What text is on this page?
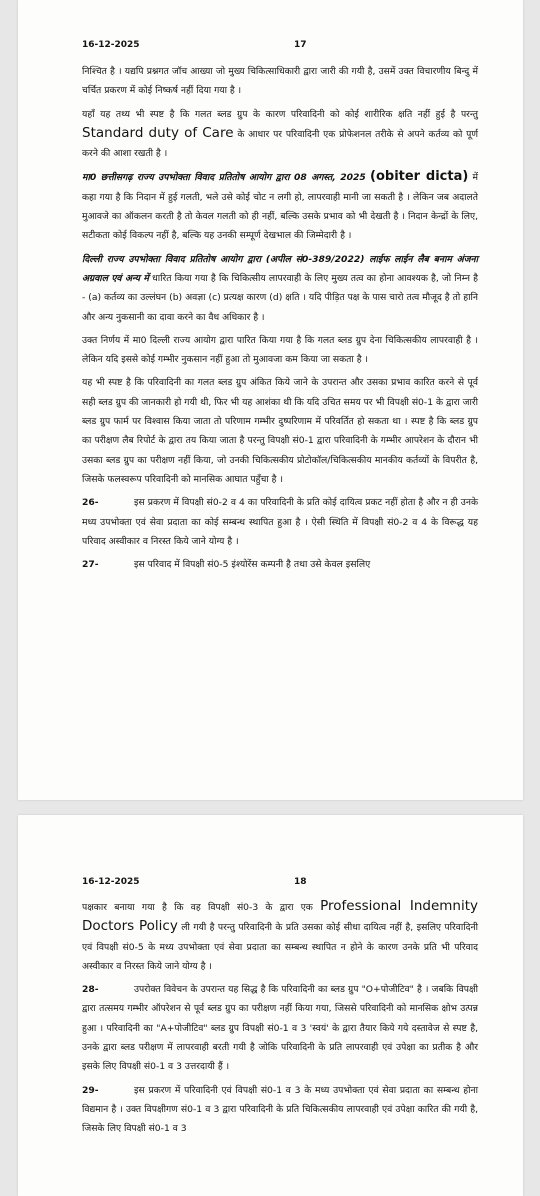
16-12-2025	17

निश्चित है । यद्यपि प्रश्नगत जॉच आख्या जो मुख्य चिकित्साधिकारी द्वारा जारी की गयी है, उसमें उक्त विचारणीय बिन्दु में चर्चित प्रकरण में कोई निष्कर्ष नहीं दिया गया है ।

यहाँ यह तथ्य भी स्पष्ट है कि गलत ब्लड ग्रुप के कारण परिवादिनी को कोई शारीरिक क्षति नहीं हुई है परन्तु Standard duty of Care के आधार पर परिवादिनी एक प्रोफेशनल तरीके से अपने कर्तव्य को पूर्ण करने की आशा रखती है ।

मा0 छत्तीसगढ़ राज्य उपभोक्ता विवाद प्रतितोष आयोग द्वारा 08 अगस्त, 2025 (obiter dicta) में कहा गया है कि निदान में हुई गलती, भले उसे कोई चोट न लगी हो, लापरवाही मानी जा सकती है । लेकिन जब अदालते मुआवजे का ऑकलन करती है तो केवल गलती को ही नहीं, बल्कि उसके प्रभाव को भी देखती है । निदान केन्द्रों के लिए, सटीकता कोई विकल्प नहीं है, बल्कि यह उनकी सम्पूर्ण देखभाल की जिम्मेदारी है ।

दिल्ली राज्य उपभोक्ता विवाद प्रतितोष आयोग द्वारा (अपील सं0-389/2022) लाईफ लाईन लैब बनाम अंजना अग्रवाल एवं अन्य में धारित किया गया है कि चिकित्सीय लापरवाही के लिए मुख्य तत्व का होना आवश्यक है, जो निम्न है - (a) कर्तव्य का उल्लंघन (b) अवज्ञा (c) प्रत्यक्ष कारण (d) क्षति । यदि पीड़ित पक्ष के पास चारो तत्व मौजूद है तो हानि और अन्य नुकसानी का दावा करने का वैध अधिकार है ।

उक्त निर्णय में मा0 दिल्ली राज्य आयोग द्वारा पारित किया गया है कि गलत ब्लड ग्रुप देना चिकित्सकीय लापरवाही है । लेकिन यदि इससे कोई गम्भीर नुकसान नहीं हुआ तो मुआवजा कम किया जा सकता है ।

यह भी स्पष्ट है कि परिवादिनी का गलत ब्लड ग्रुप अंकित किये जाने के उपरान्त और उसका प्रभाव कारित करने से पूर्व सही ब्लड ग्रुप की जानकारी हो गयी थी, फिर भी यह आशंका थी कि यदि उचित समय पर भी विपक्षी सं0-1 के द्वारा जारी ब्लड ग्रुप फार्म पर विश्वास किया जाता तो परिणाम गम्भीर दुष्परिणाम में परिवर्तित हो सकता था । स्पष्ट है कि ब्लड ग्रुप का परीक्षण लैब रिपोर्ट के द्वारा तय किया जाता है परन्तु विपक्षी सं0-1 द्वारा परिवादिनी के गम्भीर आपरेशन के दौरान भी उसका ब्लड ग्रुप का परीक्षण नहीं किया, जो उनकी चिकित्सकीय प्रोटोकॉल/चिकित्सकीय मानकीय कर्तव्यों के विपरीत है, जिसके फलस्वरूप परिवादिनी को मानसिक आघात पहुँचा है ।

26-	इस प्रकरण में विपक्षी सं0-2 व 4 का परिवादिनी के प्रति कोई दायित्व प्रकट नहीं होता है और न ही उनके मध्य उपभोक्ता एवं सेवा प्रदाता का कोई सम्बन्ध स्थापित हुआ है । ऐसी स्थिति में विपक्षी सं0-2 व 4 के विरूद्ध यह परिवाद अस्वीकार व निरस्त किये जाने योग्य है ।

27-	इस परिवाद में विपक्षी सं0-5 इंश्योरेंस कम्पनी है तथा उसे केवल इसलिए

16-12-2025	18

पक्षकार बनाया गया है कि वह विपक्षी सं0-3 के द्वारा एक Professional Indemnity Doctors Policy ली गयी है परन्तु परिवादिनी के प्रति उसका कोई सीधा दायित्व नहीं है, इसलिए परिवादिनी एवं विपक्षी सं0-5 के मध्य उपभोक्ता एवं सेवा प्रदाता का सम्बन्ध स्थापित न होने के कारण उनके प्रति भी परिवाद अस्वीकार व निरस्त किये जाने योग्य है ।

28-	उपरोक्त विवेचन के उपरान्त यह सिद्ध है कि परिवादिनी का ब्लड ग्रुप "O+पोजीटिव" है । जबकि विपक्षी द्वारा तत्समय गम्भीर ऑपरेशन से पूर्व ब्लड ग्रुप का परीक्षण नहीं किया गया, जिससे परिवादिनी को मानसिक क्षोभ उत्पन्न हुआ । परिवादिनी का "A+पोजीटिव" ब्लड ग्रुप विपक्षी सं0-1 व 3 'स्वयं' के द्वारा तैयार किये गये दस्तावेज से स्पष्ट है, उनके द्वारा ब्लड परीक्षण में लापरवाही बरती गयी है जोकि परिवादिनी के प्रति लापरवाही एवं उपेक्षा का प्रतीक है और इसके लिए विपक्षी सं0-1 व 3 उत्तरदायी हैं ।

29-	इस प्रकरण में परिवादिनी एवं विपक्षी सं0-1 व 3 के मध्य उपभोक्ता एवं सेवा प्रदाता का सम्बन्ध होना विद्यमान है । उक्त विपक्षीगण सं0-1 व 3 द्वारा परिवादिनी के प्रति चिकित्सकीय लापरवाही एवं उपेक्षा कारित की गयी है, जिसके लिए विपक्षी सं0-1 व 3
